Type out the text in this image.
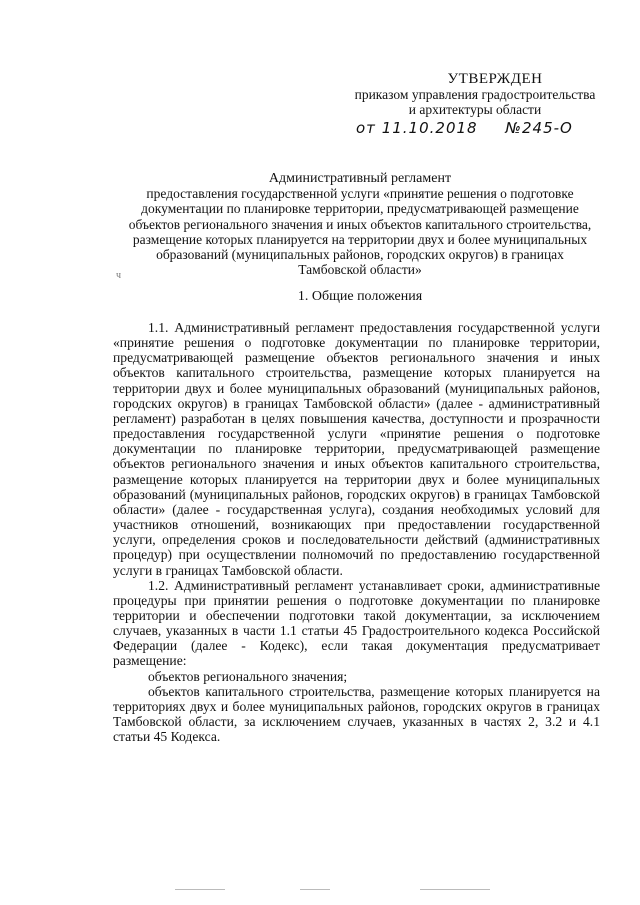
УТВЕРЖДЕН
приказом управления градостроительства
и архитектуры области
от 11.10.2018 №245-О
Административный регламент
предоставления государственной услуги «принятие решения о подготовке
документации по планировке территории, предусматривающей размещение
объектов регионального значения и иных объектов капитального строительства,
размещение которых планируется на территории двух и более муниципальных
образований (муниципальных районов, городских округов) в границах
Тамбовской области»
ч
1. Общие положения

1.1. Административный регламент предоставления государственной услуги «принятие решения о подготовке документации по планировке территории, предусматривающей размещение объектов регионального значения и иных объектов капитального строительства, размещение которых планируется на территории двух и более муниципальных образований (муниципальных районов, городских округов) в границах Тамбовской области» (далее - административный регламент) разработан в целях повышения качества, доступности и прозрачности предоставления государственной услуги «принятие решения о подготовке документации по планировке территории, предусматривающей размещение объектов регионального значения и иных объектов капитального строительства, размещение которых планируется на территории двух и более муниципальных образований (муниципальных районов, городских округов) в границах Тамбовской области» (далее - государственная услуга), создания необходимых условий для участников отношений, возникающих при предоставлении государственной услуги, определения сроков и последовательности действий (административных процедур) при осуществлении полномочий по предоставлению государственной услуги в границах Тамбовской области.

1.2. Административный регламент устанавливает сроки, административные процедуры при принятии решения о подготовке документации по планировке территории и обеспечении подготовки такой документации, за исключением случаев, указанных в части 1.1 статьи 45 Градостроительного кодекса Российской Федерации (далее - Кодекс), если такая документация предусматривает размещение:

объектов регионального значения;

объектов капитального строительства, размещение которых планируется на территориях двух и более муниципальных районов, городских округов в границах Тамбовской области, за исключением случаев, указанных в частях 2, 3.2 и 4.1 статьи 45 Кодекса.
